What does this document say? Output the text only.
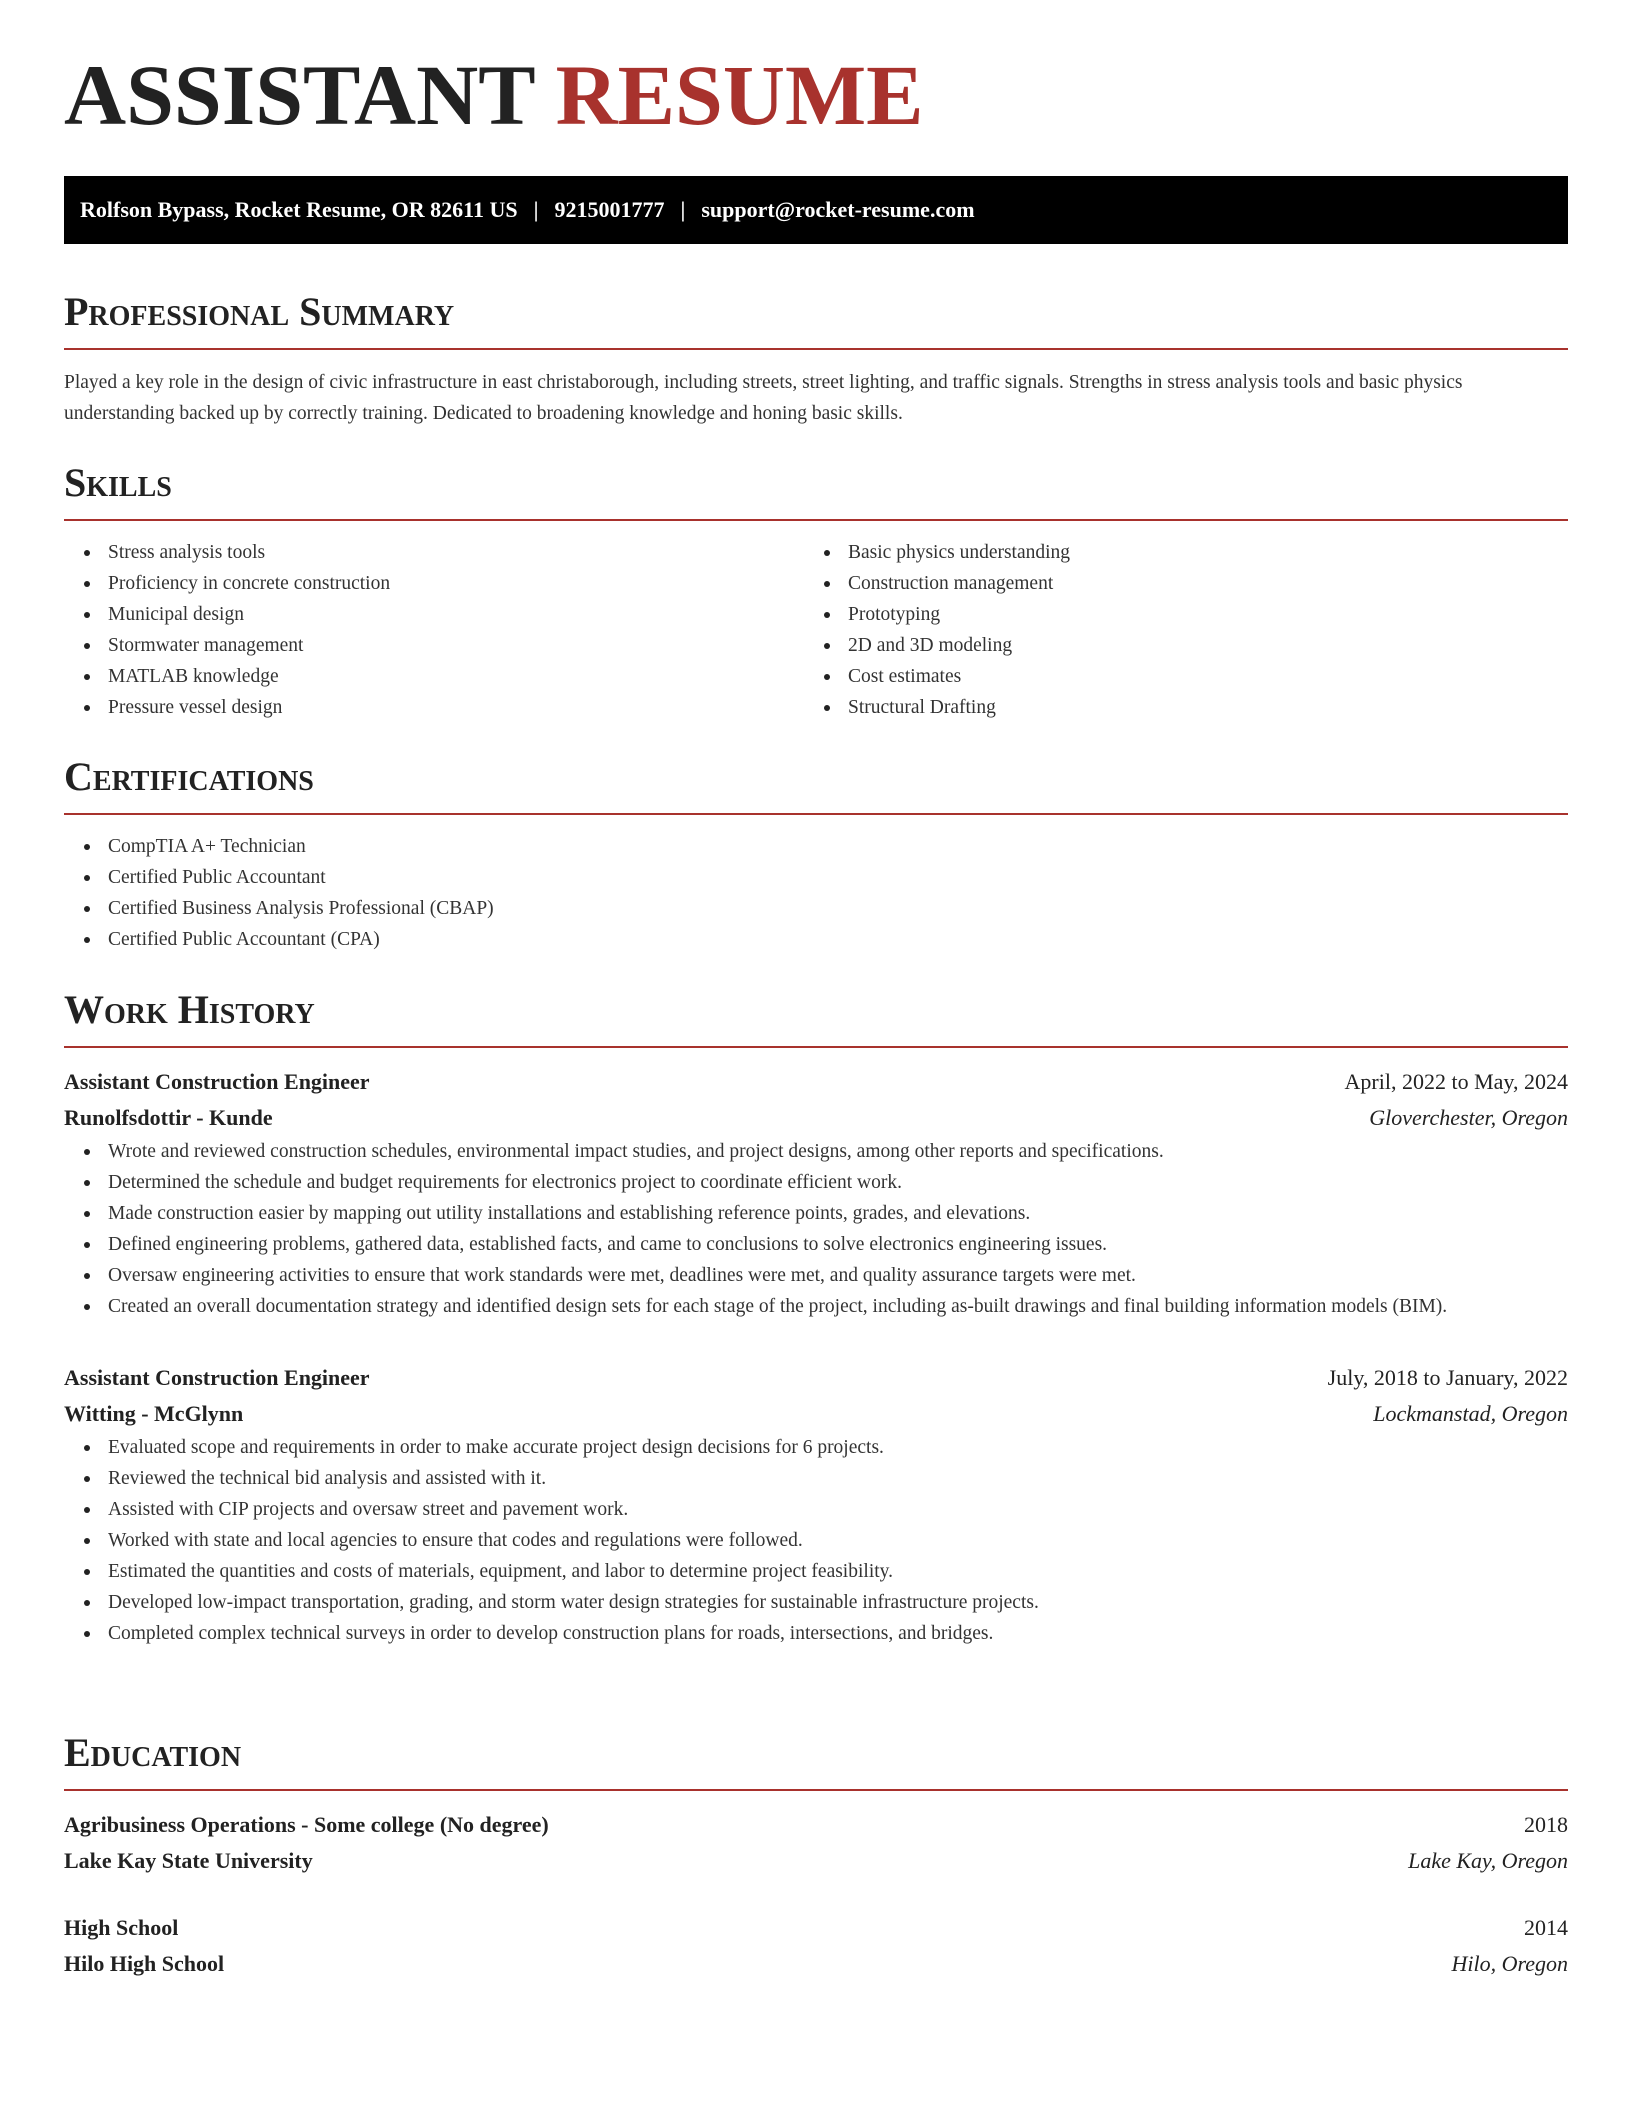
ASSISTANT RESUME
Rolfson Bypass, Rocket Resume, OR 82611 US | 9215001777 | support@rocket-resume.com
Professional Summary

Played a key role in the design of civic infrastructure in east christaborough, including streets, street lighting, and traffic signals. Strengths in stress analysis tools and basic physics understanding backed up by correctly training. Dedicated to broadening knowledge and honing basic skills.

Skills
Stress analysis tools
Proficiency in concrete construction
Municipal design
Stormwater management
MATLAB knowledge
Pressure vessel design
Basic physics understanding
Construction management
Prototyping
2D and 3D modeling
Cost estimates
Structural Drafting
Certifications
CompTIA A+ Technician
Certified Public Accountant
Certified Business Analysis Professional (CBAP)
Certified Public Accountant (CPA)
Work History
Assistant Construction Engineer	April, 2022 to May, 2024
Runolfsdottir - Kunde	Gloverchester, Oregon
Wrote and reviewed construction schedules, environmental impact studies, and project designs, among other reports and specifications.
Determined the schedule and budget requirements for electronics project to coordinate efficient work.
Made construction easier by mapping out utility installations and establishing reference points, grades, and elevations.
Defined engineering problems, gathered data, established facts, and came to conclusions to solve electronics engineering issues.
Oversaw engineering activities to ensure that work standards were met, deadlines were met, and quality assurance targets were met.
Created an overall documentation strategy and identified design sets for each stage of the project, including as-built drawings and final building information models (BIM).
Assistant Construction Engineer	July, 2018 to January, 2022
Witting - McGlynn	Lockmanstad, Oregon
Evaluated scope and requirements in order to make accurate project design decisions for 6 projects.
Reviewed the technical bid analysis and assisted with it.
Assisted with CIP projects and oversaw street and pavement work.
Worked with state and local agencies to ensure that codes and regulations were followed.
Estimated the quantities and costs of materials, equipment, and labor to determine project feasibility.
Developed low-impact transportation, grading, and storm water design strategies for sustainable infrastructure projects.
Completed complex technical surveys in order to develop construction plans for roads, intersections, and bridges.
Education
Agribusiness Operations - Some college (No degree)	2018
Lake Kay State University	Lake Kay, Oregon
High School	2014
Hilo High School	Hilo, Oregon
